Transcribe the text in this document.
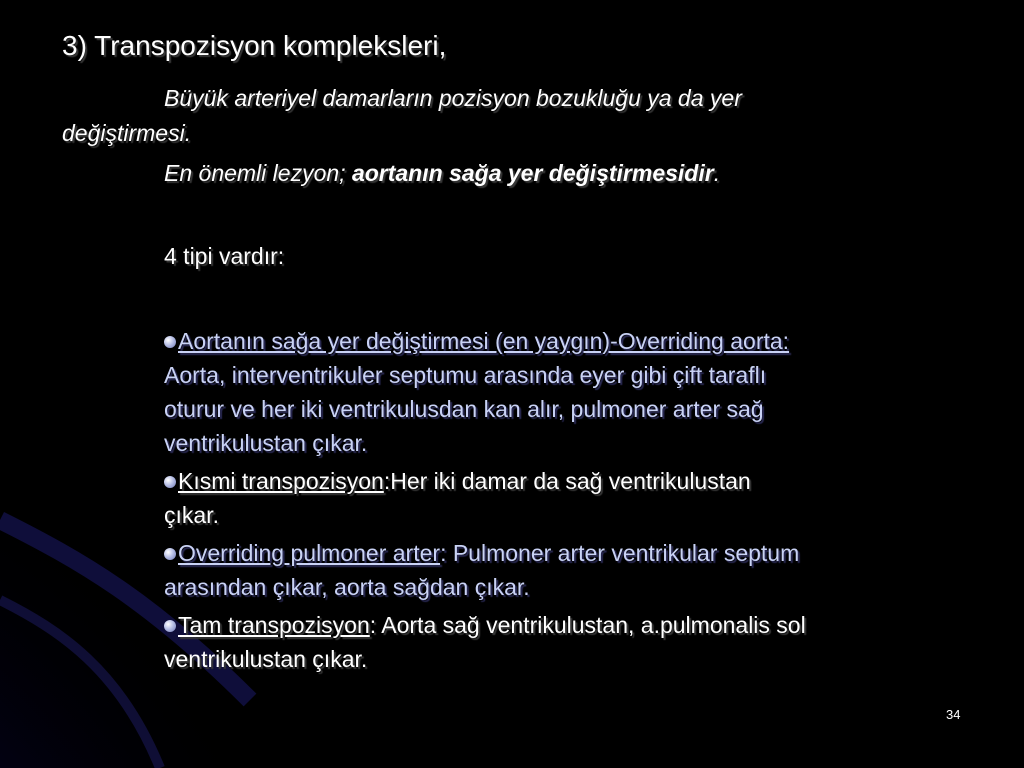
3) Transpozisyon kompleksleri,
Büyük arteriyel damarların pozisyon bozukluğu ya da yer
değiştirmesi.
En önemli lezyon; aortanın sağa yer değiştirmesidir.
4 tipi vardır:
Aortanın sağa yer değiştirmesi (en yaygın)-Overriding aorta:
Aorta, interventrikuler septumu arasında eyer gibi çift taraflı
oturur ve her iki ventrikulusdan kan alır, pulmoner arter sağ
ventrikulustan çıkar.
Kısmi transpozisyon:Her iki damar da sağ ventrikulustan
çıkar.
Overriding pulmoner arter: Pulmoner arter ventrikular septum
arasından çıkar, aorta sağdan çıkar.
Tam transpozisyon: Aorta sağ ventrikulustan, a.pulmonalis sol
ventrikulustan çıkar.
34
